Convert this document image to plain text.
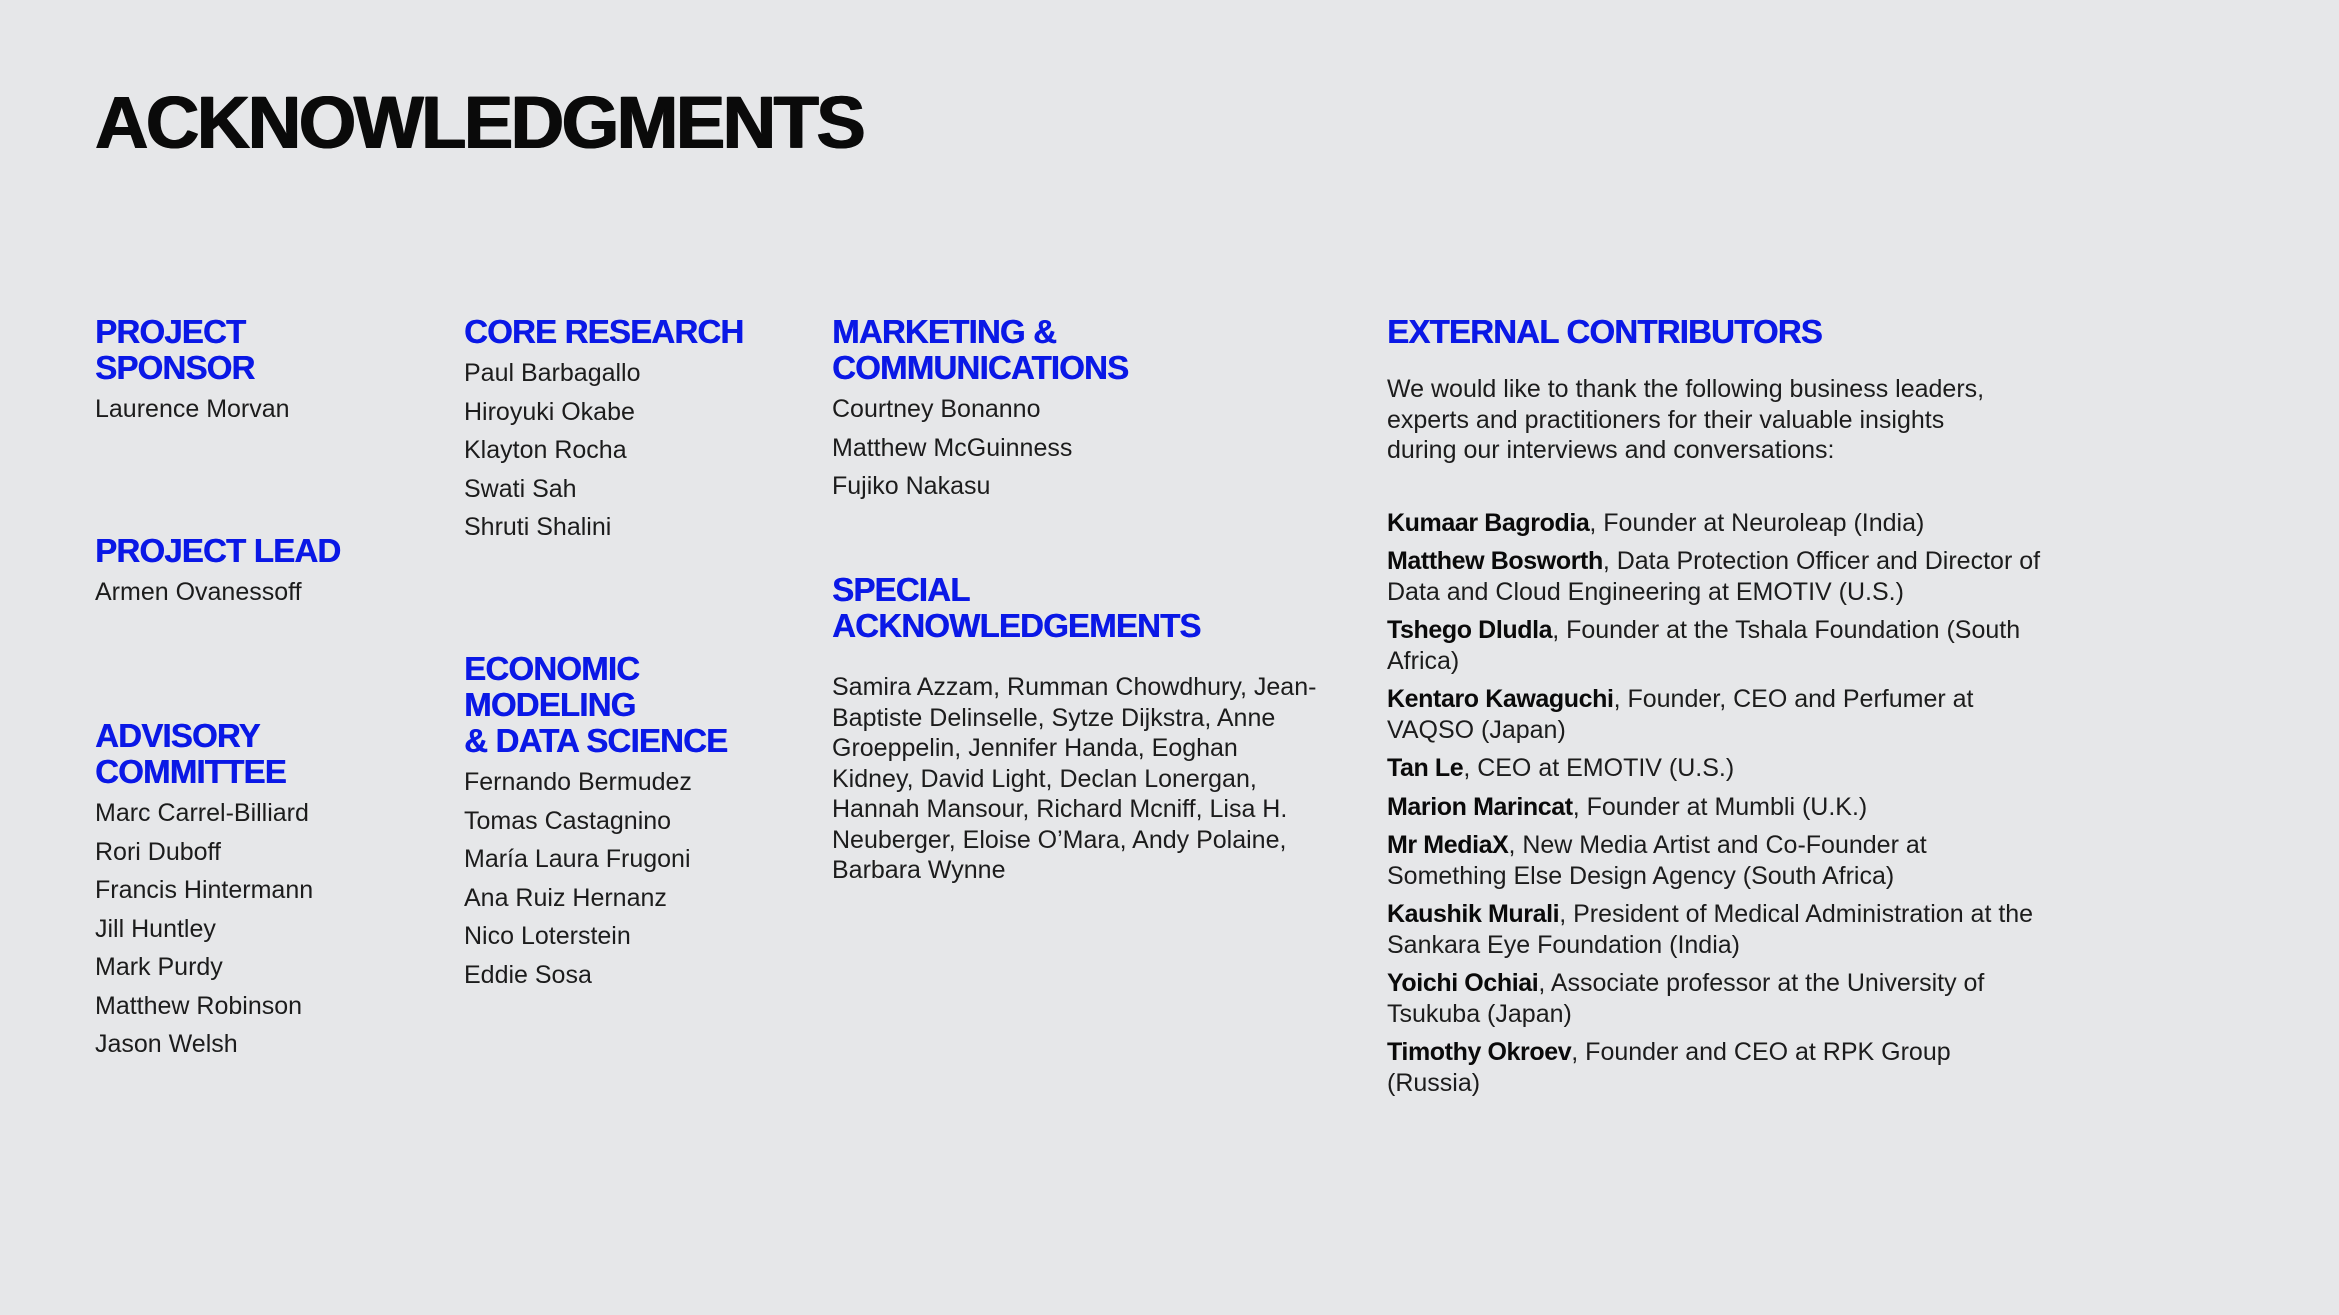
ACKNOWLEDGMENTS
PROJECT
SPONSOR
Laurence Morvan
PROJECT LEAD
Armen Ovanessoff
ADVISORY
COMMITTEE
Marc Carrel-Billiard
Rori Duboff
Francis Hintermann
Jill Huntley
Mark Purdy
Matthew Robinson
Jason Welsh
CORE RESEARCH
Paul Barbagallo
Hiroyuki Okabe
Klayton Rocha
Swati Sah
Shruti Shalini
ECONOMIC
MODELING
& DATA SCIENCE
Fernando Bermudez
Tomas Castagnino
María Laura Frugoni
Ana Ruiz Hernanz
Nico Loterstein
Eddie Sosa
MARKETING &
COMMUNICATIONS
Courtney Bonanno
Matthew McGuinness
Fujiko Nakasu
SPECIAL
ACKNOWLEDGEMENTS

Samira Azzam, Rumman Chowdhury, Jean-Baptiste Delinselle, Sytze Dijkstra, Anne Groeppelin, Jennifer Handa, Eoghan Kidney, David Light, Declan Lonergan, Hannah Mansour, Richard Mcniff, Lisa H. Neuberger, Eloise O’Mara, Andy Polaine, Barbara Wynne

EXTERNAL CONTRIBUTORS

We would like to thank the following business leaders, experts and practitioners for their valuable insights during our interviews and conversations:

Kumaar Bagrodia, Founder at Neuroleap (India)
Matthew Bosworth, Data Protection Officer and Director of Data and Cloud Engineering at EMOTIV (U.S.)
Tshego Dludla, Founder at the Tshala Foundation (South Africa)
Kentaro Kawaguchi, Founder, CEO and Perfumer at VAQSO (Japan)
Tan Le, CEO at EMOTIV (U.S.)
Marion Marincat, Founder at Mumbli (U.K.)
Mr MediaX, New Media Artist and Co-Founder at Something Else Design Agency (South Africa)
Kaushik Murali, President of Medical Administration at the Sankara Eye Foundation (India)
Yoichi Ochiai, Associate professor at the University of Tsukuba (Japan)
Timothy Okroev, Founder and CEO at RPK Group (Russia)
